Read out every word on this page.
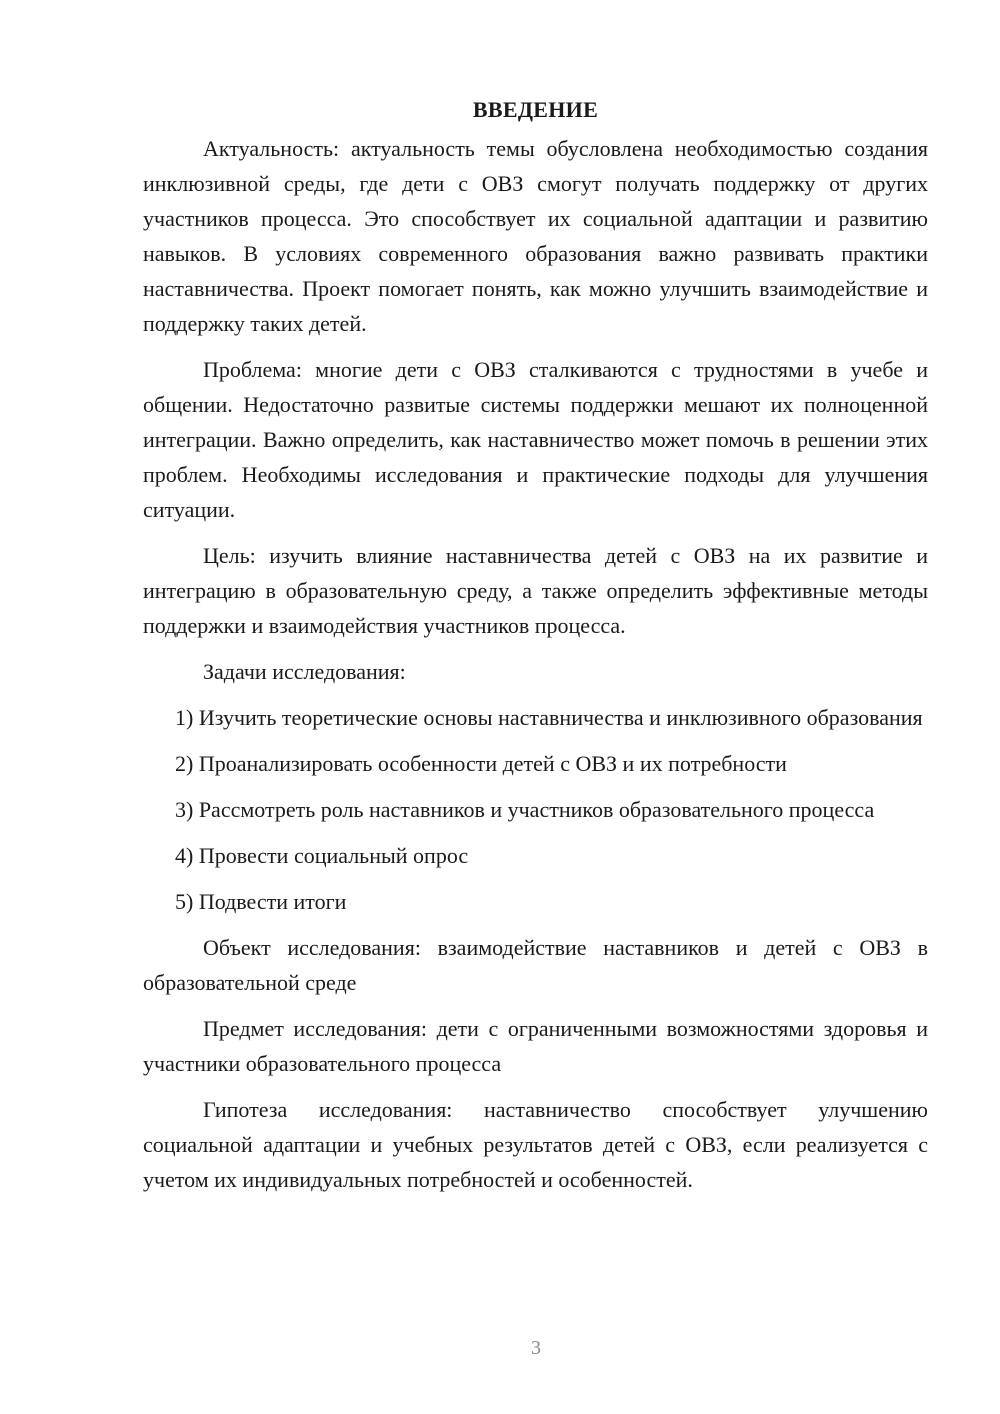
ВВЕДЕНИЕ

Актуальность: актуальность темы обусловлена необходимостью создания инклюзивной среды, где дети с ОВЗ смогут получать поддержку от других участников процесса. Это способствует их социальной адаптации и развитию навыков. В условиях современного образования важно развивать практики наставничества. Проект помогает понять, как можно улучшить взаимодействие и поддержку таких детей.

Проблема: многие дети с ОВЗ сталкиваются с трудностями в учебе и общении. Недостаточно развитые системы поддержки мешают их полноценной интеграции. Важно определить, как наставничество может помочь в решении этих проблем. Необходимы исследования и практические подходы для улучшения ситуации.

Цель: изучить влияние наставничества детей с ОВЗ на их развитие и интеграцию в образовательную среду, а также определить эффективные методы поддержки и взаимодействия участников процесса.

Задачи исследования:

1) Изучить теоретические основы наставничества и инклюзивного образования

2) Проанализировать особенности детей с ОВЗ и их потребности

3) Рассмотреть роль наставников и участников образовательного процесса

4) Провести социальный опрос

5) Подвести итоги

Объект исследования: взаимодействие наставников и детей с ОВЗ в образовательной среде

Предмет исследования: дети с ограниченными возможностями здоровья и участники образовательного процесса

Гипотеза исследования: наставничество способствует улучшению социальной адаптации и учебных результатов детей с ОВЗ, если реализуется с учетом их индивидуальных потребностей и особенностей.

3
